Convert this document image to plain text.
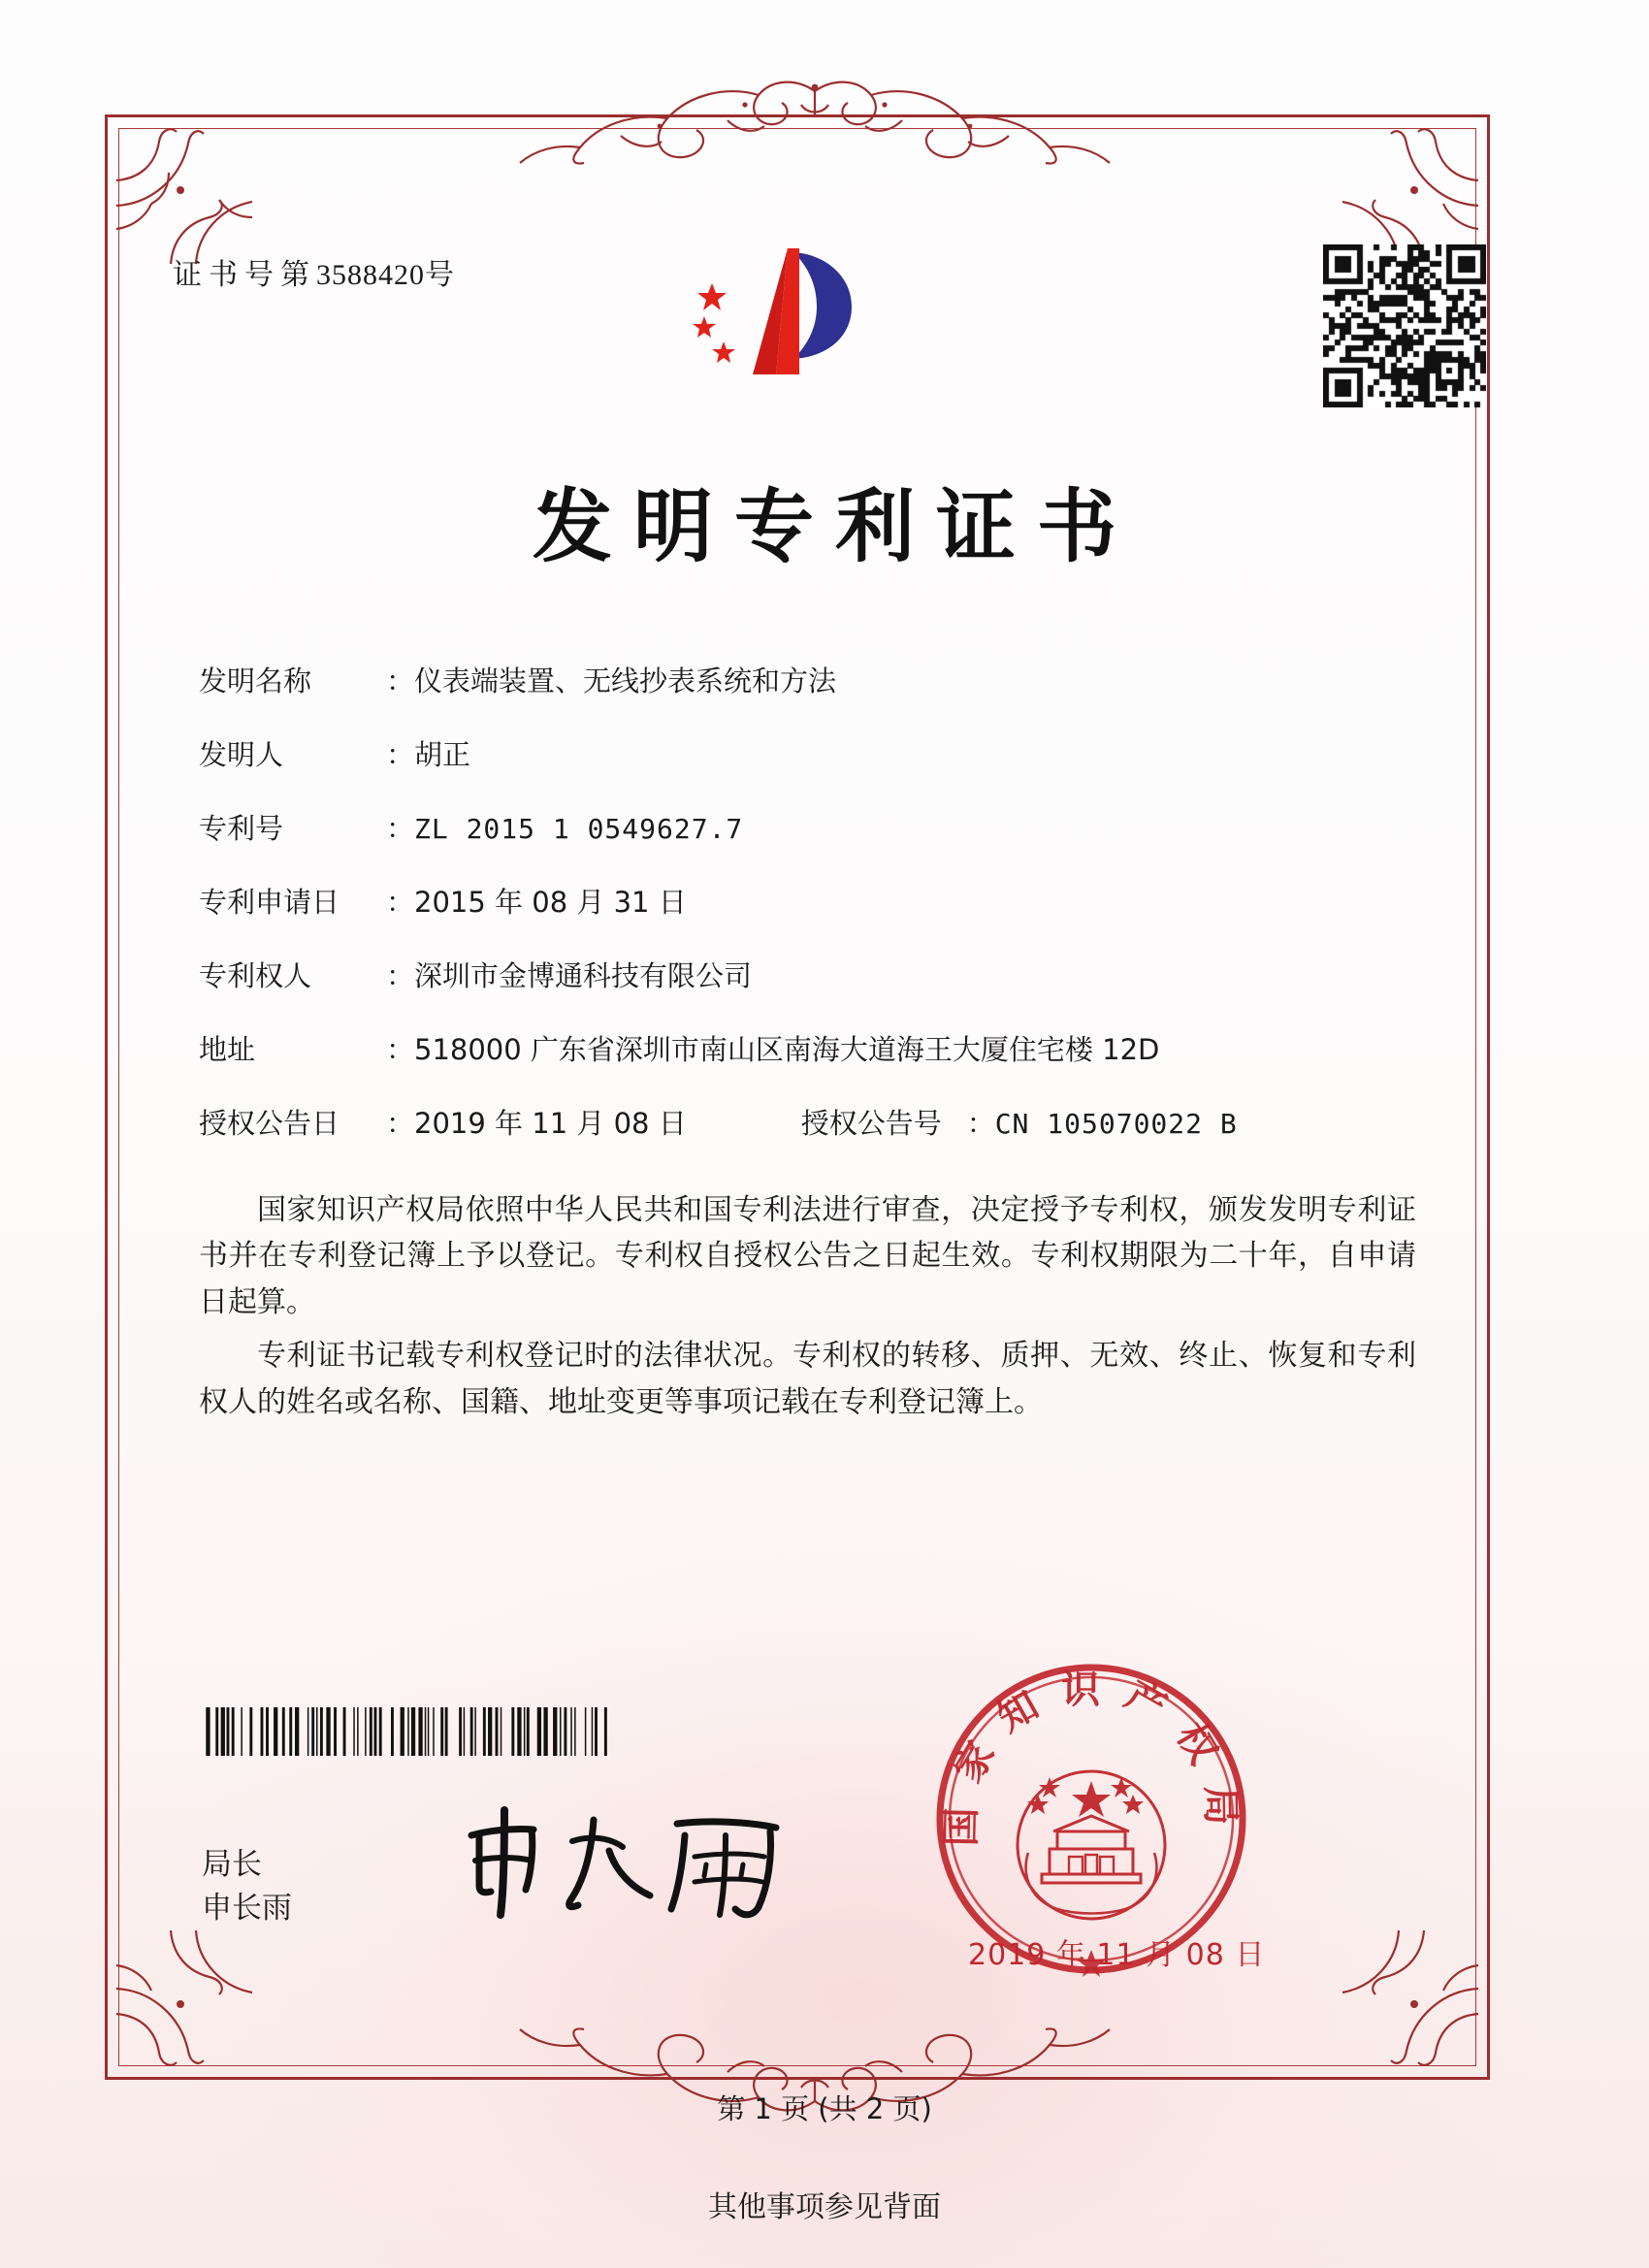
证书号第3588420号
发明专利证书
发明名称	： 仪表端装置、无线抄表系统和方法
发明人	： 胡正
专利号	： ZL 2015 1 0549627.7
专利申请日 ： 2015 年 08 月 31 日
专利权人	： 深圳市金博通科技有限公司
地址	： 518000 广东省深圳市南山区南海大道海王大厦住宅楼 12D
授权公告日 ： 2019 年 11 月 08 日	授权公告号 ： CN 105070022 B

国家知识产权局依照中华人民共和国专利法进行审查，决定授予专利权，颁发发明专利证书并在专利登记簿上予以登记。专利权自授权公告之日起生效。专利权期限为二十年，自申请日起算。

专利证书记载专利权登记时的法律状况。专利权的转移、质押、无效、终止、恢复和专利权人的姓名或名称、国籍、地址变更等事项记载在专利登记簿上。

局长
申长雨
国家知识产权局
2019 年 11 月 08 日
第 1 页 (共 2 页)
其他事项参见背面
